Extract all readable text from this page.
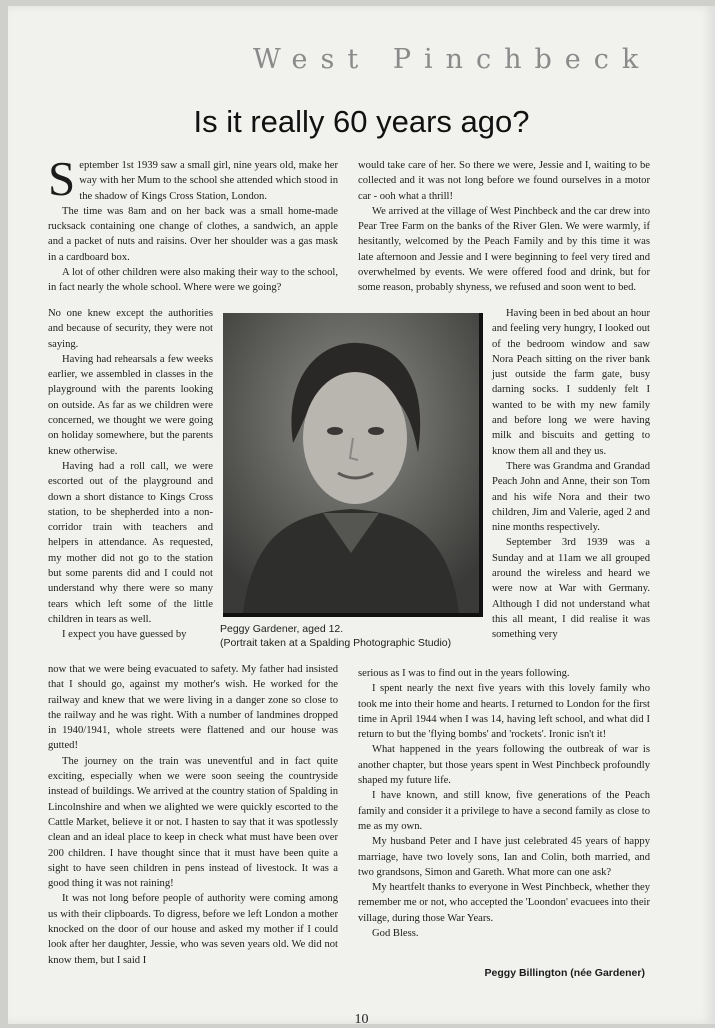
West Pinchbeck
Is it really 60 years ago?

September 1st 1939 saw a small girl, nine years old, make her way with her Mum to the school she attended which stood in the shadow of Kings Cross Station, London.

The time was 8am and on her back was a small home-made rucksack containing one change of clothes, a sandwich, an apple and a packet of nuts and raisins. Over her shoulder was a gas mask in a cardboard box.

A lot of other children were also making their way to the school, in fact nearly the whole school. Where were we going?

No one knew except the authorities and because of security, they were not saying.

Having had rehearsals a few weeks earlier, we assembled in classes in the playground with the parents looking on outside. As far as we children were concerned, we thought we were going on holiday somewhere, but the parents knew otherwise.

Having had a roll call, we were escorted out of the playground and down a short distance to Kings Cross station, to be shepherded into a non-corridor train with teachers and helpers in attendance. As requested, my mother did not go to the station but some parents did and I could not understand why there were so many tears which left some of the little children in tears as well.

I expect you have guessed by

now that we were being evacuated to safety. My father had insisted that I should go, against my mother's wish. He worked for the railway and knew that we were living in a danger zone so close to the railway and he was right. With a number of landmines dropped in 1940/1941, whole streets were flattened and our house was gutted!

The journey on the train was uneventful and in fact quite exciting, especially when we were soon seeing the countryside instead of buildings. We arrived at the country station of Spalding in Lincolnshire and when we alighted we were quickly escorted to the Cattle Market, believe it or not. I hasten to say that it was spotlessly clean and an ideal place to keep in check what must have been over 200 children. I have thought since that it must have been quite a sight to have seen children in pens instead of livestock. It was a good thing it was not raining!

It was not long before people of authority were coming among us with their clipboards. To digress, before we left London a mother knocked on the door of our house and asked my mother if I could look after her daughter, Jessie, who was seven years old. We did not know them, but I said I

would take care of her. So there we were, Jessie and I, waiting to be collected and it was not long before we found ourselves in a motor car - ooh what a thrill!

We arrived at the village of West Pinchbeck and the car drew into Pear Tree Farm on the banks of the River Glen. We were warmly, if hesitantly, welcomed by the Peach Family and by this time it was late afternoon and Jessie and I were beginning to feel very tired and overwhelmed by events. We were offered food and drink, but for some reason, probably shyness, we refused and soon went to bed.

Having been in bed about an hour and feeling very hungry, I looked out of the bedroom window and saw Nora Peach sitting on the river bank just outside the farm gate, busy darning socks. I suddenly felt I wanted to be with my new family and before long we were having milk and biscuits and getting to know them all and they us.

There was Grandma and Grandad Peach John and Anne, their son Tom and his wife Nora and their two children, Jim and Valerie, aged 2 and nine months respectively.

September 3rd 1939 was a Sunday and at 11am we all grouped around the wireless and heard we were now at War with Germany. Although I did not understand what this all meant, I did realise it was something very

serious as I was to find out in the years following.

I spent nearly the next five years with this lovely family who took me into their home and hearts. I returned to London for the first time in April 1944 when I was 14, having left school, and what did I return to but the 'flying bombs' and 'rockets'. Ironic isn't it!

What happened in the years following the outbreak of war is another chapter, but those years spent in West Pinchbeck profoundly shaped my future life.

I have known, and still know, five generations of the Peach family and consider it a privilege to have a second family as close to me as my own.

My husband Peter and I have just celebrated 45 years of happy marriage, have two lovely sons, Ian and Colin, both married, and two grandsons, Simon and Gareth. What more can one ask?

My heartfelt thanks to everyone in West Pinchbeck, whether they remember me or not, who accepted the 'Loondon' evacuees into their village, during those War Years.

God Bless.

Peggy Gardener, aged 12.
(Portrait taken at a Spalding Photographic Studio)
Peggy Billington (née Gardener)
10
